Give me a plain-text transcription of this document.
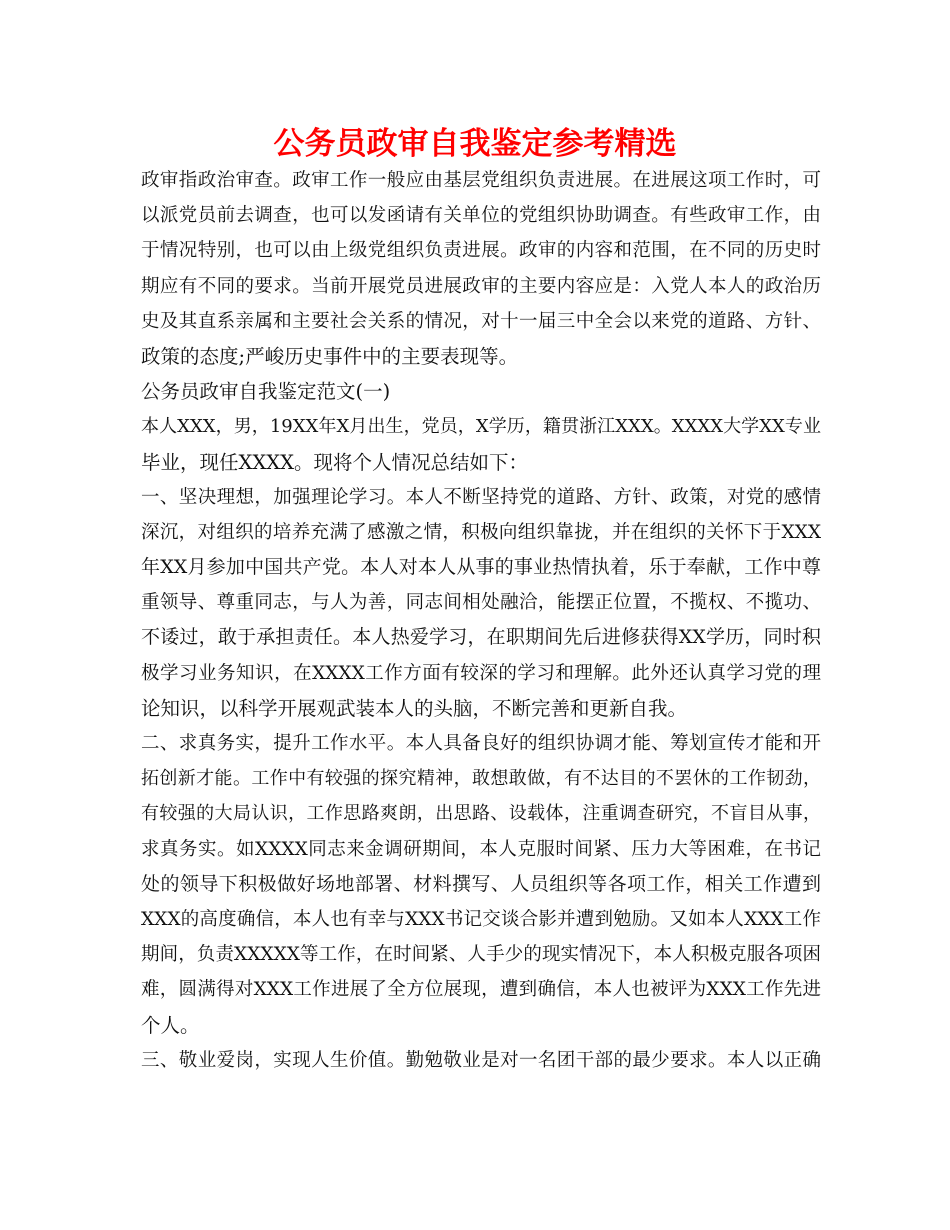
公务员政审自我鉴定参考精选
政审指政治审查。政审工作一般应由基层党组织负责进展。在进展这项工作时，可
以派党员前去调查，也可以发函请有关单位的党组织协助调查。有些政审工作，由
于情况特别，也可以由上级党组织负责进展。政审的内容和范围，在不同的历史时
期应有不同的要求。当前开展党员进展政审的主要内容应是：入党人本人的政治历
史及其直系亲属和主要社会关系的情况，对十一届三中全会以来党的道路、方针、
政策的态度;严峻历史事件中的主要表现等。
公务员政审自我鉴定范文(一)
本人XXX，男，19XX年X月出生，党员，X学历，籍贯浙江XXX。XXXX大学XX专业
毕业，现任XXXX。现将个人情况总结如下：
一、坚决理想，加强理论学习。本人不断坚持党的道路、方针、政策，对党的感情
深沉，对组织的培养充满了感激之情，积极向组织靠拢，并在组织的关怀下于XXX
年XX月参加中国共产党。本人对本人从事的事业热情执着，乐于奉献，工作中尊
重领导、尊重同志，与人为善，同志间相处融洽，能摆正位置，不揽权、不揽功、
不诿过，敢于承担责任。本人热爱学习，在职期间先后进修获得XX学历，同时积
极学习业务知识，在XXXX工作方面有较深的学习和理解。此外还认真学习党的理
论知识，以科学开展观武装本人的头脑，不断完善和更新自我。
二、求真务实，提升工作水平。本人具备良好的组织协调才能、筹划宣传才能和开
拓创新才能。工作中有较强的探究精神，敢想敢做，有不达目的不罢休的工作韧劲，
有较强的大局认识，工作思路爽朗，出思路、设载体，注重调查研究，不盲目从事，
求真务实。如XXXX同志来金调研期间，本人克服时间紧、压力大等困难，在书记
处的领导下积极做好场地部署、材料撰写、人员组织等各项工作，相关工作遭到
XXX的高度确信，本人也有幸与XXX书记交谈合影并遭到勉励。又如本人XXX工作
期间，负责XXXXX等工作，在时间紧、人手少的现实情况下，本人积极克服各项困
难，圆满得对XXX工作进展了全方位展现，遭到确信，本人也被评为XXX工作先进
个人。
三、敬业爱岗，实现人生价值。勤勉敬业是对一名团干部的最少要求。本人以正确
